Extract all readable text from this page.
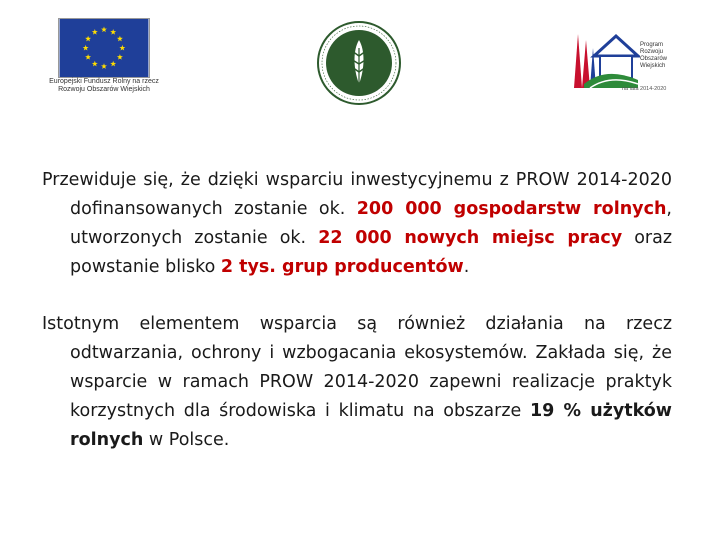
Europejski Fundusz Rolny na rzecz
Rozwoju Obszarów Wiejskich
Program
Rozwoju
Obszarów
Wiejskich
na lata 2014-2020

Przewiduje się, że dzięki wsparciu inwestycyjnemu z PROW 2014-2020 dofinansowanych zostanie ok. 200 000 gospodarstw rolnych, utworzonych zostanie ok. 22 000 nowych miejsc pracy oraz powstanie blisko 2 tys. grup producentów.

Istotnym elementem wsparcia są również działania na rzecz odtwarzania, ochrony i wzbogacania ekosystemów. Zakłada się, że wsparcie w ramach PROW 2014-2020 zapewni realizacje praktyk korzystnych dla środowiska i klimatu na obszarze 19 % użytków rolnych w Polsce.
